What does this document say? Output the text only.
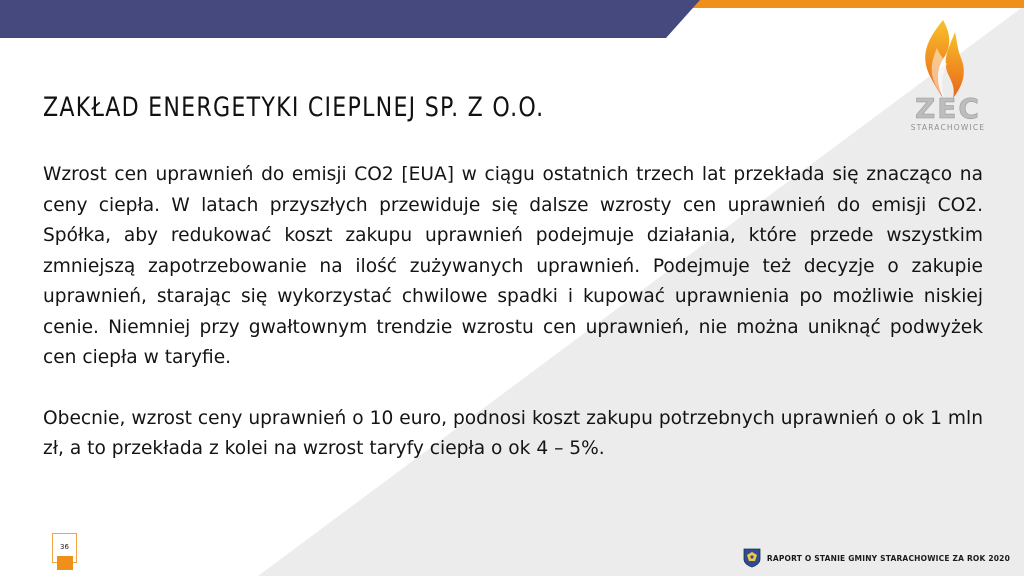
ZEC
STARACHOWICE
ZAKŁAD ENERGETYKI CIEPLNEJ SP. Z O.O.

Wzrost cen uprawnień do emisji CO2 [EUA] w ciągu ostatnich trzech lat przekłada się znacząco na ceny ciepła. W latach przyszłych przewiduje się dalsze wzrosty cen uprawnień do emisji CO2. Spółka, aby redukować koszt zakupu uprawnień podejmuje działania, które przede wszystkim zmniejszą zapotrzebowanie na ilość zużywanych uprawnień. Podejmuje też decyzje o zakupie uprawnień, starając się wykorzystać chwilowe spadki i kupować uprawnienia po możliwie niskiej cenie. Niemniej przy gwałtownym trendzie wzrostu cen uprawnień, nie można uniknąć podwyżek cen ciepła w taryfie.

Obecnie, wzrost ceny uprawnień o 10 euro, podnosi koszt zakupu potrzebnych uprawnień o ok 1 mln zł, a to przekłada z kolei na wzrost taryfy ciepła o ok 4 – 5%.

36
RAPORT O STANIE GMINY STARACHOWICE ZA ROK 2020
